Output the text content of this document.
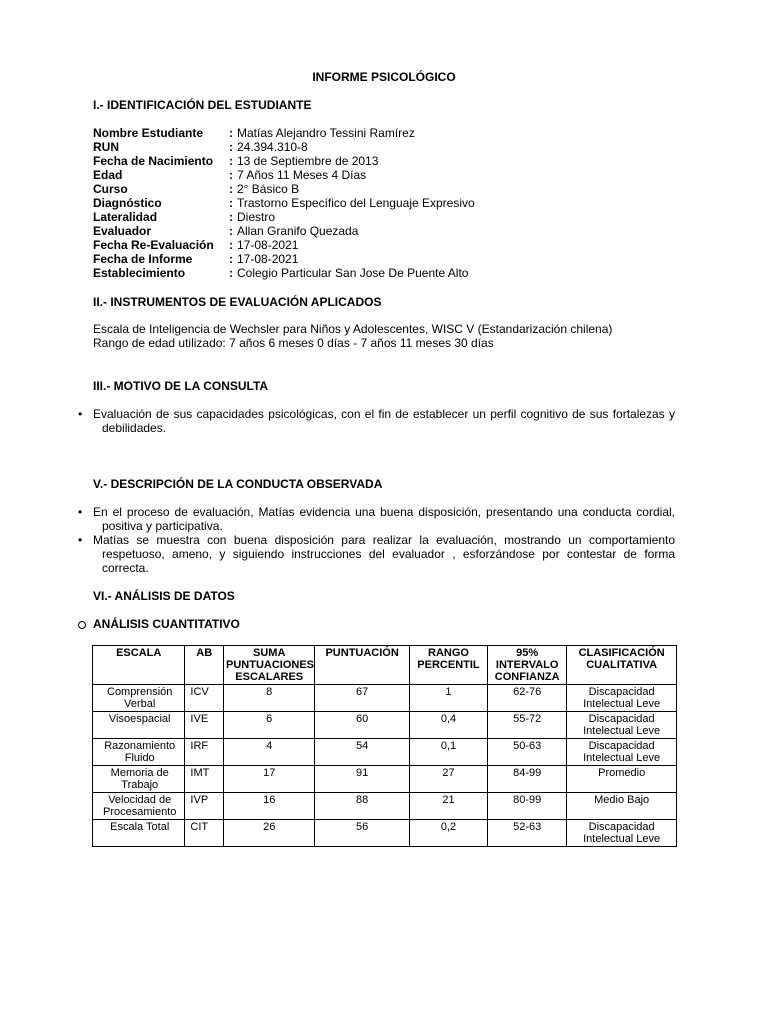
INFORME PSICOLÓGICO
I.- IDENTIFICACIÓN DEL ESTUDIANTE
Nombre Estudiante	: Matías Alejandro Tessini Ramírez
RUN	: 24.394.310-8
Fecha de Nacimiento	: 13 de Septiembre de 2013
Edad	: 7 Años 11 Meses 4 Días
Curso	: 2° Básico B
Diagnóstico	: Trastorno Específico del Lenguaje Expresivo
Lateralidad	: Diestro
Evaluador	: Allan Granifo Quezada
Fecha Re-Evaluación	: 17-08-2021
Fecha de Informe	: 17-08-2021
Establecimiento	: Colegio Particular San Jose De Puente Alto
II.- INSTRUMENTOS DE EVALUACIÓN APLICADOS
Escala de Inteligencia de Wechsler para Niños y Adolescentes, WISC V (Estandarización chilena)
Rango de edad utilizado: 7 años 6 meses 0 días - 7 años 11 meses 30 días
III.- MOTIVO DE LA CONSULTA
• Evaluación de sus capacidades psicológicas, con el fin de establecer un perfil cognitivo de sus fortalezas y debilidades.
V.- DESCRIPCIÓN DE LA CONDUCTA OBSERVADA
• En el proceso de evaluación, Matías evidencia una buena disposición, presentando una conducta cordial, positiva y participativa.
• Matías se muestra con buena disposición para realizar la evaluación, mostrando un comportamiento respetuoso, ameno, y siguiendo instrucciones del evaluador , esforzándose por contestar de forma correcta.
VI.- ANÁLISIS DE DATOS
ANÁLISIS CUANTITATIVO
ESCALA	AB	SUMA PUNTUACIONES ESCALARES	PUNTUACIÓN	RANGO PERCENTIL	95% INTERVALO CONFIANZA	CLASIFICACIÓN CUALITATIVA
Comprensión Verbal	ICV	8	67	1	62-76	Discapacidad Intelectual Leve
Visoespacial	IVE	6	60	0,4	55-72	Discapacidad Intelectual Leve
Razonamiento Fluido	IRF	4	54	0,1	50-63	Discapacidad Intelectual Leve
Memoria de Trabajo	IMT	17	91	27	84-99	Promedio
Velocidad de Procesamiento	IVP	16	88	21	80-99	Medio Bajo
Escala Total	CIT	26	56	0,2	52-63	Discapacidad Intelectual Leve
